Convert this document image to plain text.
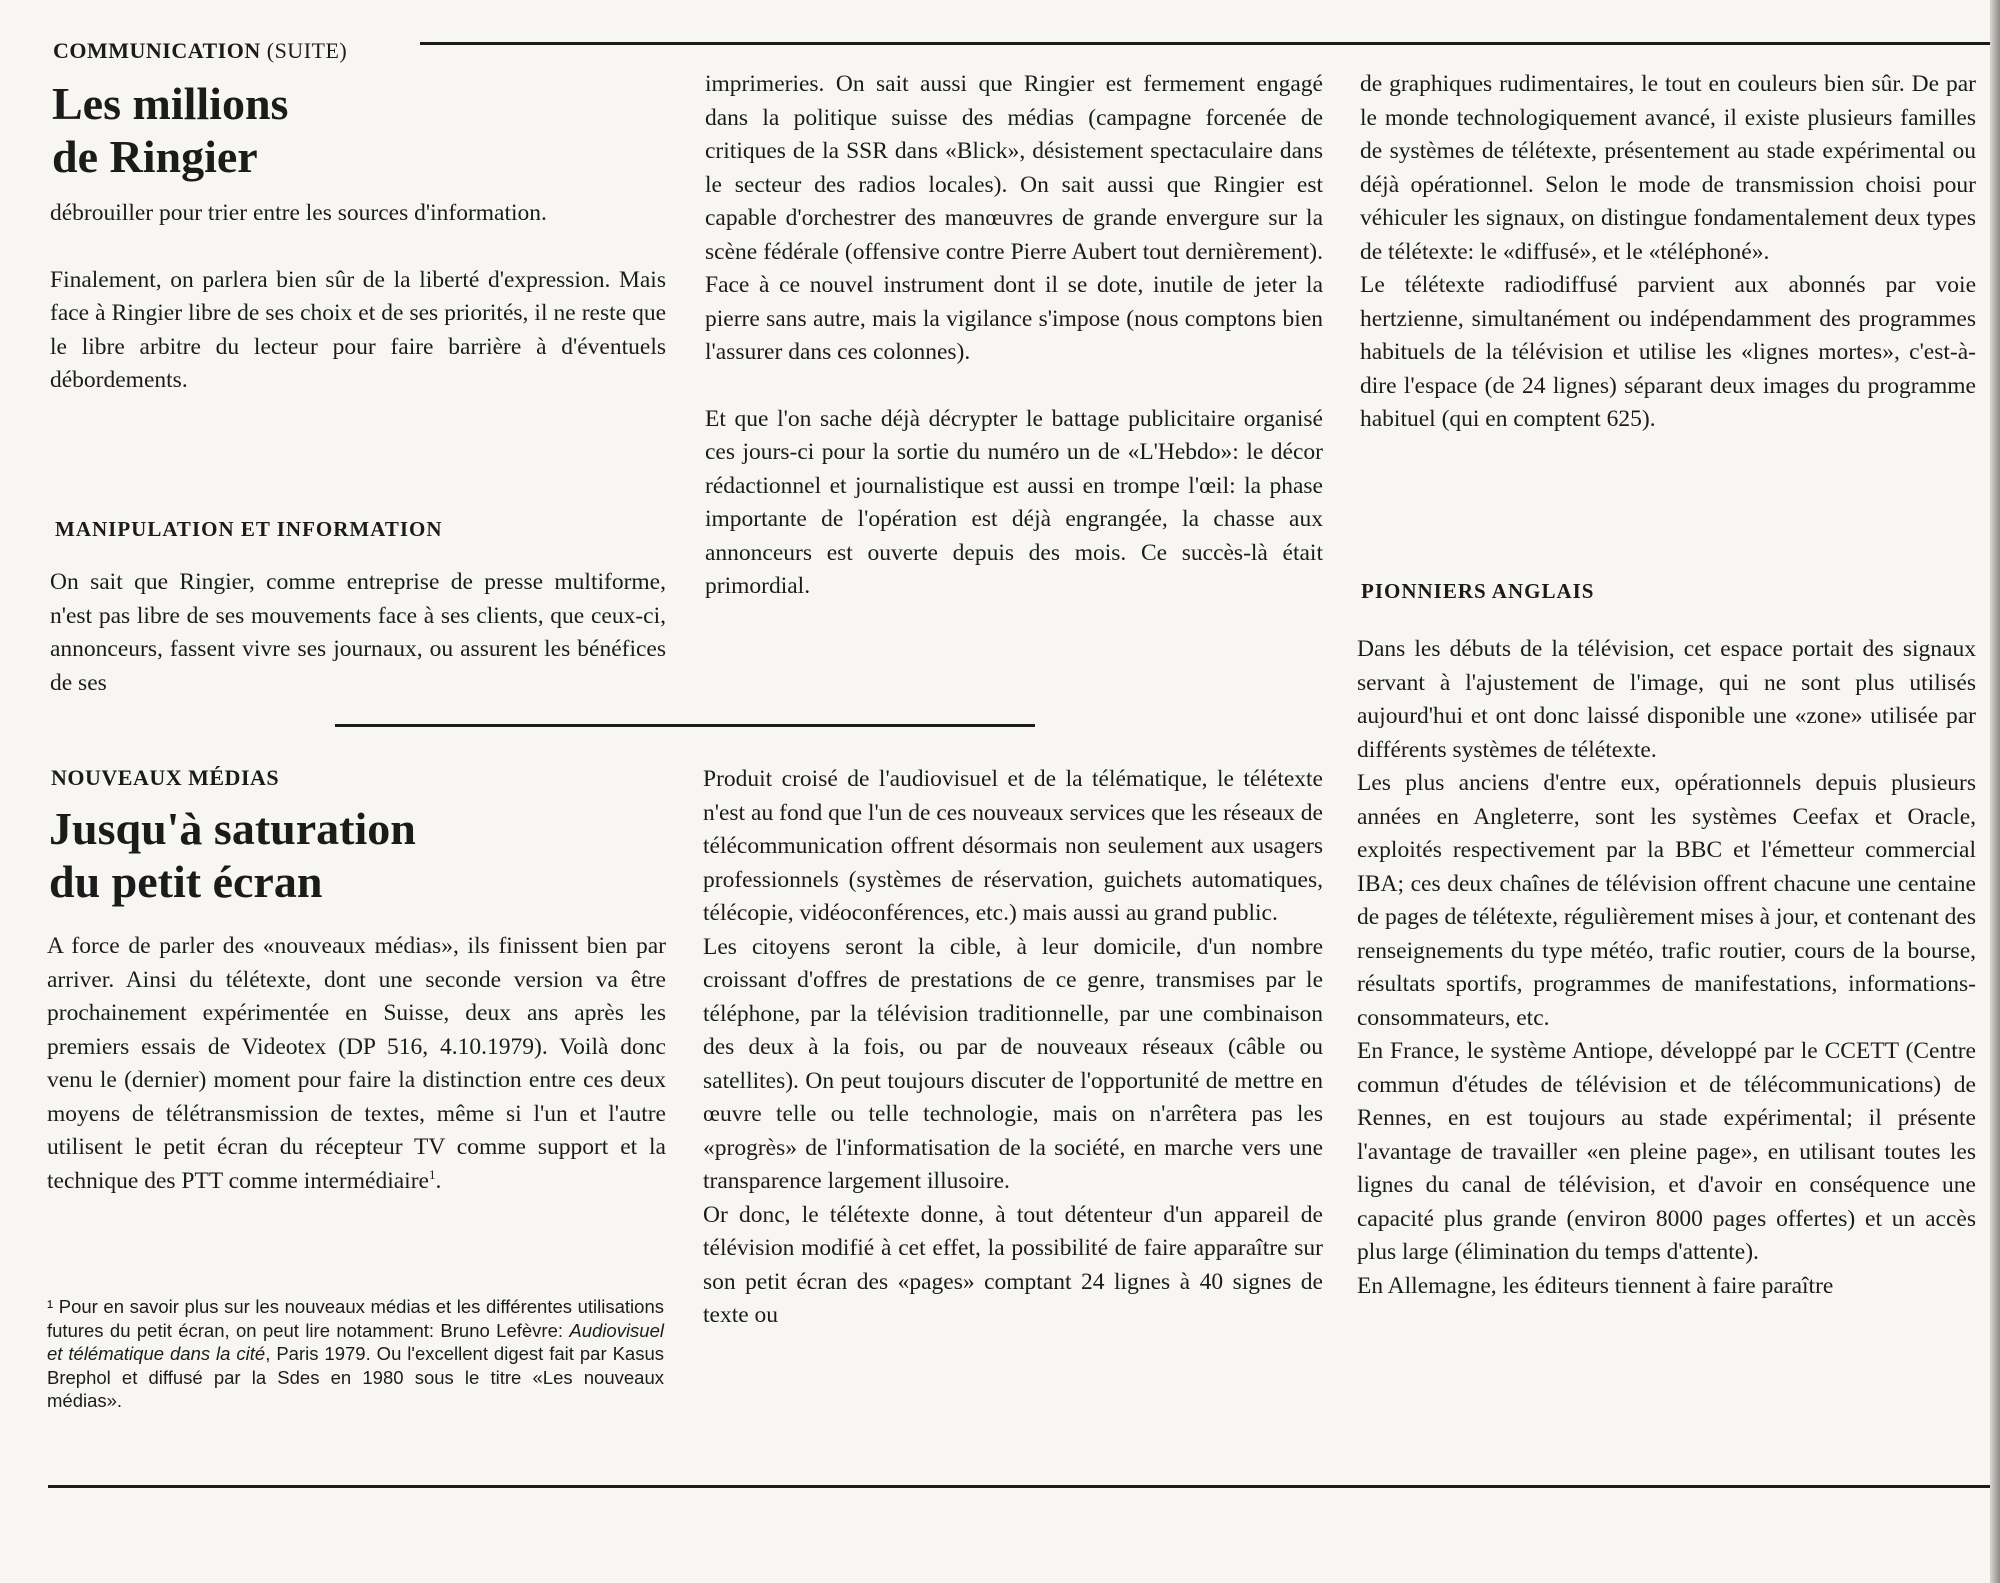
COMMUNICATION (SUITE)
Les millions
de Ringier

débrouiller pour trier entre les sources d'information.

Finalement, on parlera bien sûr de la liberté d'expression. Mais face à Ringier libre de ses choix et de ses priorités, il ne reste que le libre arbitre du lecteur pour faire barrière à d'éventuels débordements.

MANIPULATION ET INFORMATION

On sait que Ringier, comme entreprise de presse multiforme, n'est pas libre de ses mouvements face à ses clients, que ceux-ci, annonceurs, fassent vivre ses journaux, ou assurent les bénéfices de ses

imprimeries. On sait aussi que Ringier est fermement engagé dans la politique suisse des médias (campagne forcenée de critiques de la SSR dans «Blick», désistement spectaculaire dans le secteur des radios locales). On sait aussi que Ringier est capable d'orchestrer des manœuvres de grande envergure sur la scène fédérale (offensive contre Pierre Aubert tout dernièrement). Face à ce nouvel instrument dont il se dote, inutile de jeter la pierre sans autre, mais la vigilance s'impose (nous comptons bien l'assurer dans ces colonnes).

Et que l'on sache déjà décrypter le battage publicitaire organisé ces jours-ci pour la sortie du numéro un de «L'Hebdo»: le décor rédactionnel et journalistique est aussi en trompe l'œil: la phase importante de l'opération est déjà engrangée, la chasse aux annonceurs est ouverte depuis des mois. Ce succès-là était primordial.

NOUVEAUX MÉDIAS
Jusqu'à saturation
du petit écran

A force de parler des «nouveaux médias», ils finissent bien par arriver. Ainsi du télétexte, dont une seconde version va être prochainement expérimentée en Suisse, deux ans après les premiers essais de Videotex (DP 516, 4.10.1979). Voilà donc venu le (dernier) moment pour faire la distinction entre ces deux moyens de télétransmission de textes, même si l'un et l'autre utilisent le petit écran du récepteur TV comme support et la technique des PTT comme intermédiaire$^1$.

¹ Pour en savoir plus sur les nouveaux médias et les différentes utilisations futures du petit écran, on peut lire notamment: Bruno Lefèvre: Audiovisuel et télématique dans la cité, Paris 1979. Ou l'excellent digest fait par Kasus Brephol et diffusé par la Sdes en 1980 sous le titre «Les nouveaux médias».

Produit croisé de l'audiovisuel et de la télématique, le télétexte n'est au fond que l'un de ces nouveaux services que les réseaux de télécommunication offrent désormais non seulement aux usagers professionnels (systèmes de réservation, guichets automatiques, télécopie, vidéoconférences, etc.) mais aussi au grand public.

Les citoyens seront la cible, à leur domicile, d'un nombre croissant d'offres de prestations de ce genre, transmises par le téléphone, par la télévision traditionnelle, par une combinaison des deux à la fois, ou par de nouveaux réseaux (câble ou satellites). On peut toujours discuter de l'opportunité de mettre en œuvre telle ou telle technologie, mais on n'arrêtera pas les «progrès» de l'informatisation de la société, en marche vers une transparence largement illusoire.

Or donc, le télétexte donne, à tout détenteur d'un appareil de télévision modifié à cet effet, la possibilité de faire apparaître sur son petit écran des «pages» comptant 24 lignes à 40 signes de texte ou

de graphiques rudimentaires, le tout en couleurs bien sûr. De par le monde technologiquement avancé, il existe plusieurs familles de systèmes de télétexte, présentement au stade expérimental ou déjà opérationnel. Selon le mode de transmission choisi pour véhiculer les signaux, on distingue fondamentalement deux types de télétexte: le «diffusé», et le «téléphoné».

Le télétexte radiodiffusé parvient aux abonnés par voie hertzienne, simultanément ou indépendamment des programmes habituels de la télévision et utilise les «lignes mortes», c'est-à-dire l'espace (de 24 lignes) séparant deux images du programme habituel (qui en comptent 625).

PIONNIERS ANGLAIS

Dans les débuts de la télévision, cet espace portait des signaux servant à l'ajustement de l'image, qui ne sont plus utilisés aujourd'hui et ont donc laissé disponible une «zone» utilisée par différents systèmes de télétexte.

Les plus anciens d'entre eux, opérationnels depuis plusieurs années en Angleterre, sont les systèmes Ceefax et Oracle, exploités respectivement par la BBC et l'émetteur commercial IBA; ces deux chaînes de télévision offrent chacune une centaine de pages de télétexte, régulièrement mises à jour, et contenant des renseignements du type météo, trafic routier, cours de la bourse, résultats sportifs, programmes de manifestations, informations-consommateurs, etc.

En France, le système Antiope, développé par le CCETT (Centre commun d'études de télévision et de télécommunications) de Rennes, en est toujours au stade expérimental; il présente l'avantage de travailler «en pleine page», en utilisant toutes les lignes du canal de télévision, et d'avoir en conséquence une capacité plus grande (environ 8000 pages offertes) et un accès plus large (élimination du temps d'attente).

En Allemagne, les éditeurs tiennent à faire paraître
